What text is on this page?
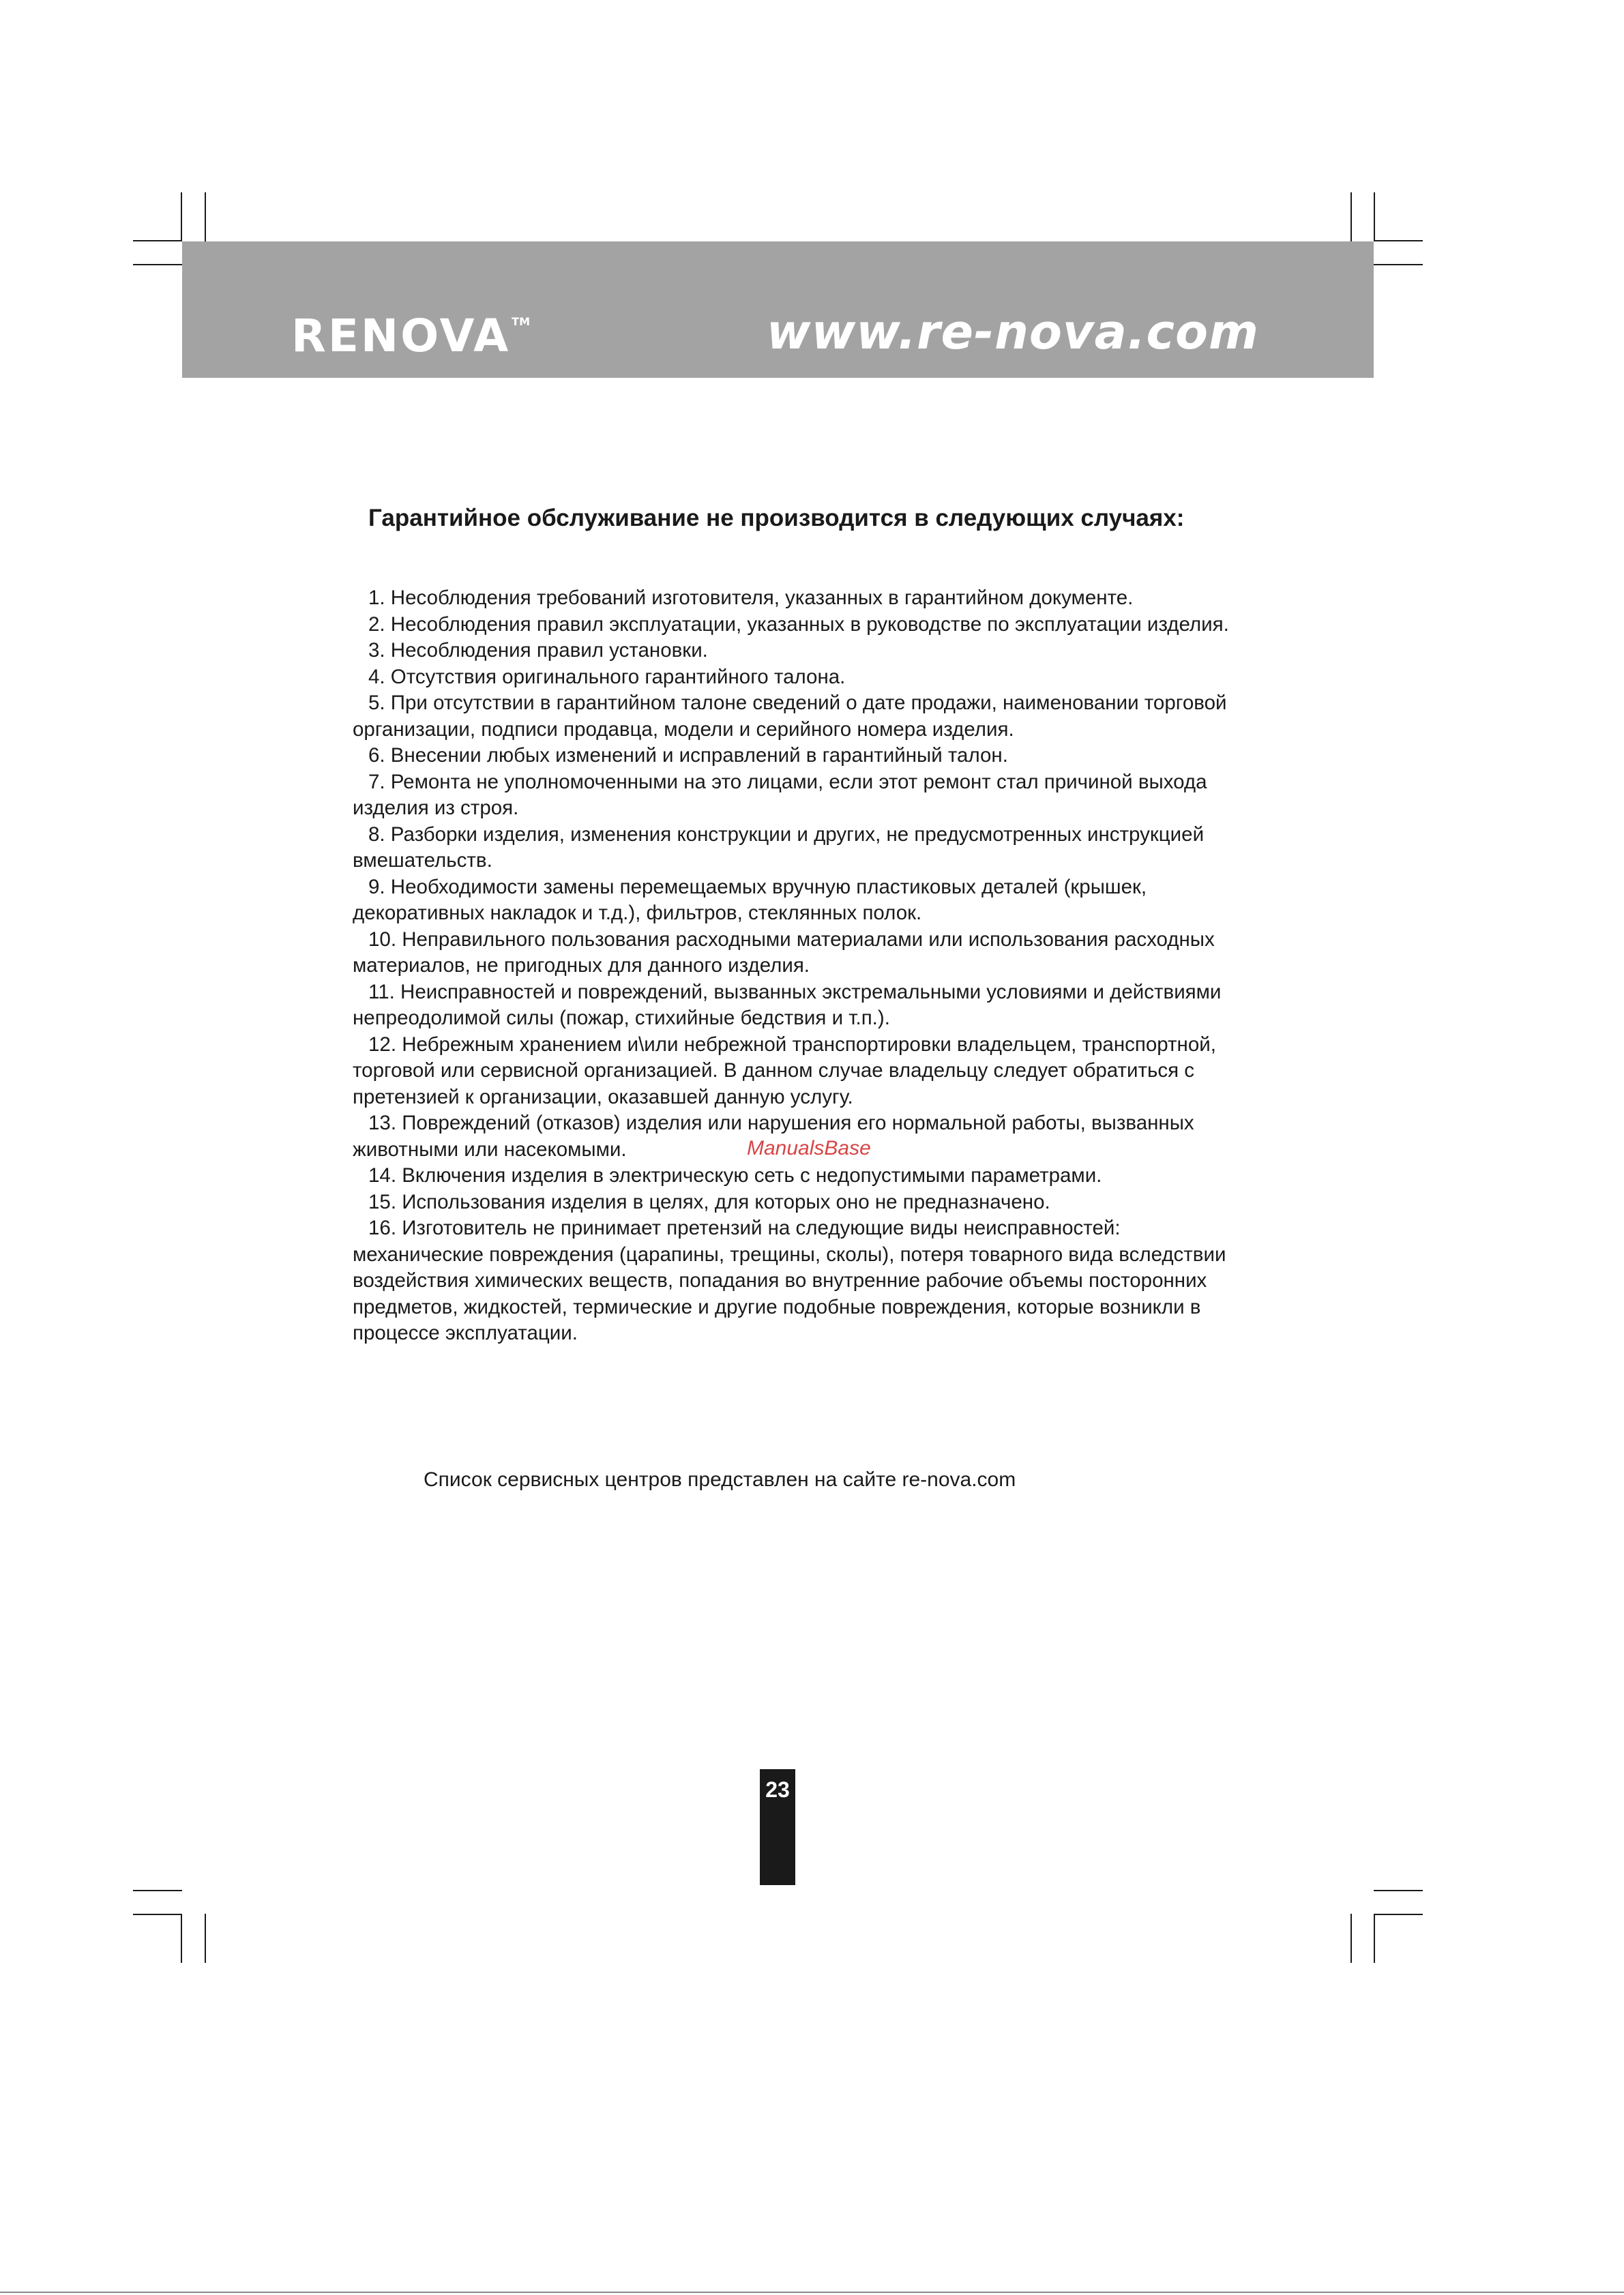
RENOVA ™	www.re-nova.com
Гарантийное обслуживание не производится в следующих случаях:

1. Несоблюдения требований изготовителя, указанных в гарантийном документе.

2. Несоблюдения правил эксплуатации, указанных в руководстве по эксплуатации изделия.

3. Несоблюдения правил установки.

4. Отсутствия оригинального гарантийного талона.

5. При отсутствии в гарантийном талоне сведений о дате продажи, наименовании торговой организации, подписи продавца, модели и серийного номера изделия.

6. Внесении любых изменений и исправлений в гарантийный талон.

7. Ремонта не уполномоченными на это лицами, если этот ремонт стал причиной выхода изделия из строя.

8. Разборки изделия, изменения конструкции и других, не предусмотренных инструкцией вмешательств.

9. Необходимости замены перемещаемых вручную пластиковых деталей (крышек, декоративных накладок и т.д.), фильтров, стеклянных полок.

10. Неправильного пользования расходными материалами или использования расходных материалов, не пригодных для данного изделия.

11. Неисправностей и повреждений, вызванных экстремальными условиями и действиями непреодолимой силы (пожар, стихийные бедствия и т.п.).

12. Небрежным хранением и\или небрежной транспортировки владельцем, транспортной, торговой или сервисной организацией. В данном случае владельцу следует обратиться с претензией к организации, оказавшей данную услугу.

13. Повреждений (отказов) изделия или нарушения его нормальной работы, вызванных животными или насекомыми.

14. Включения изделия в электрическую сеть с недопустимыми параметрами.

15. Использования изделия в целях, для которых оно не предназначено.

16. Изготовитель не принимает претензий на следующие виды неисправностей: механические повреждения (царапины, трещины, сколы), потеря товарного вида вследствии воздействия химических веществ, попадания во внутренние рабочие объемы посторонних предметов, жидкостей, термические и другие подобные повреждения, которые возникли в процессе эксплуатации.

ManualsBase
Список сервисных центров представлен на сайте re-nova.com
23
